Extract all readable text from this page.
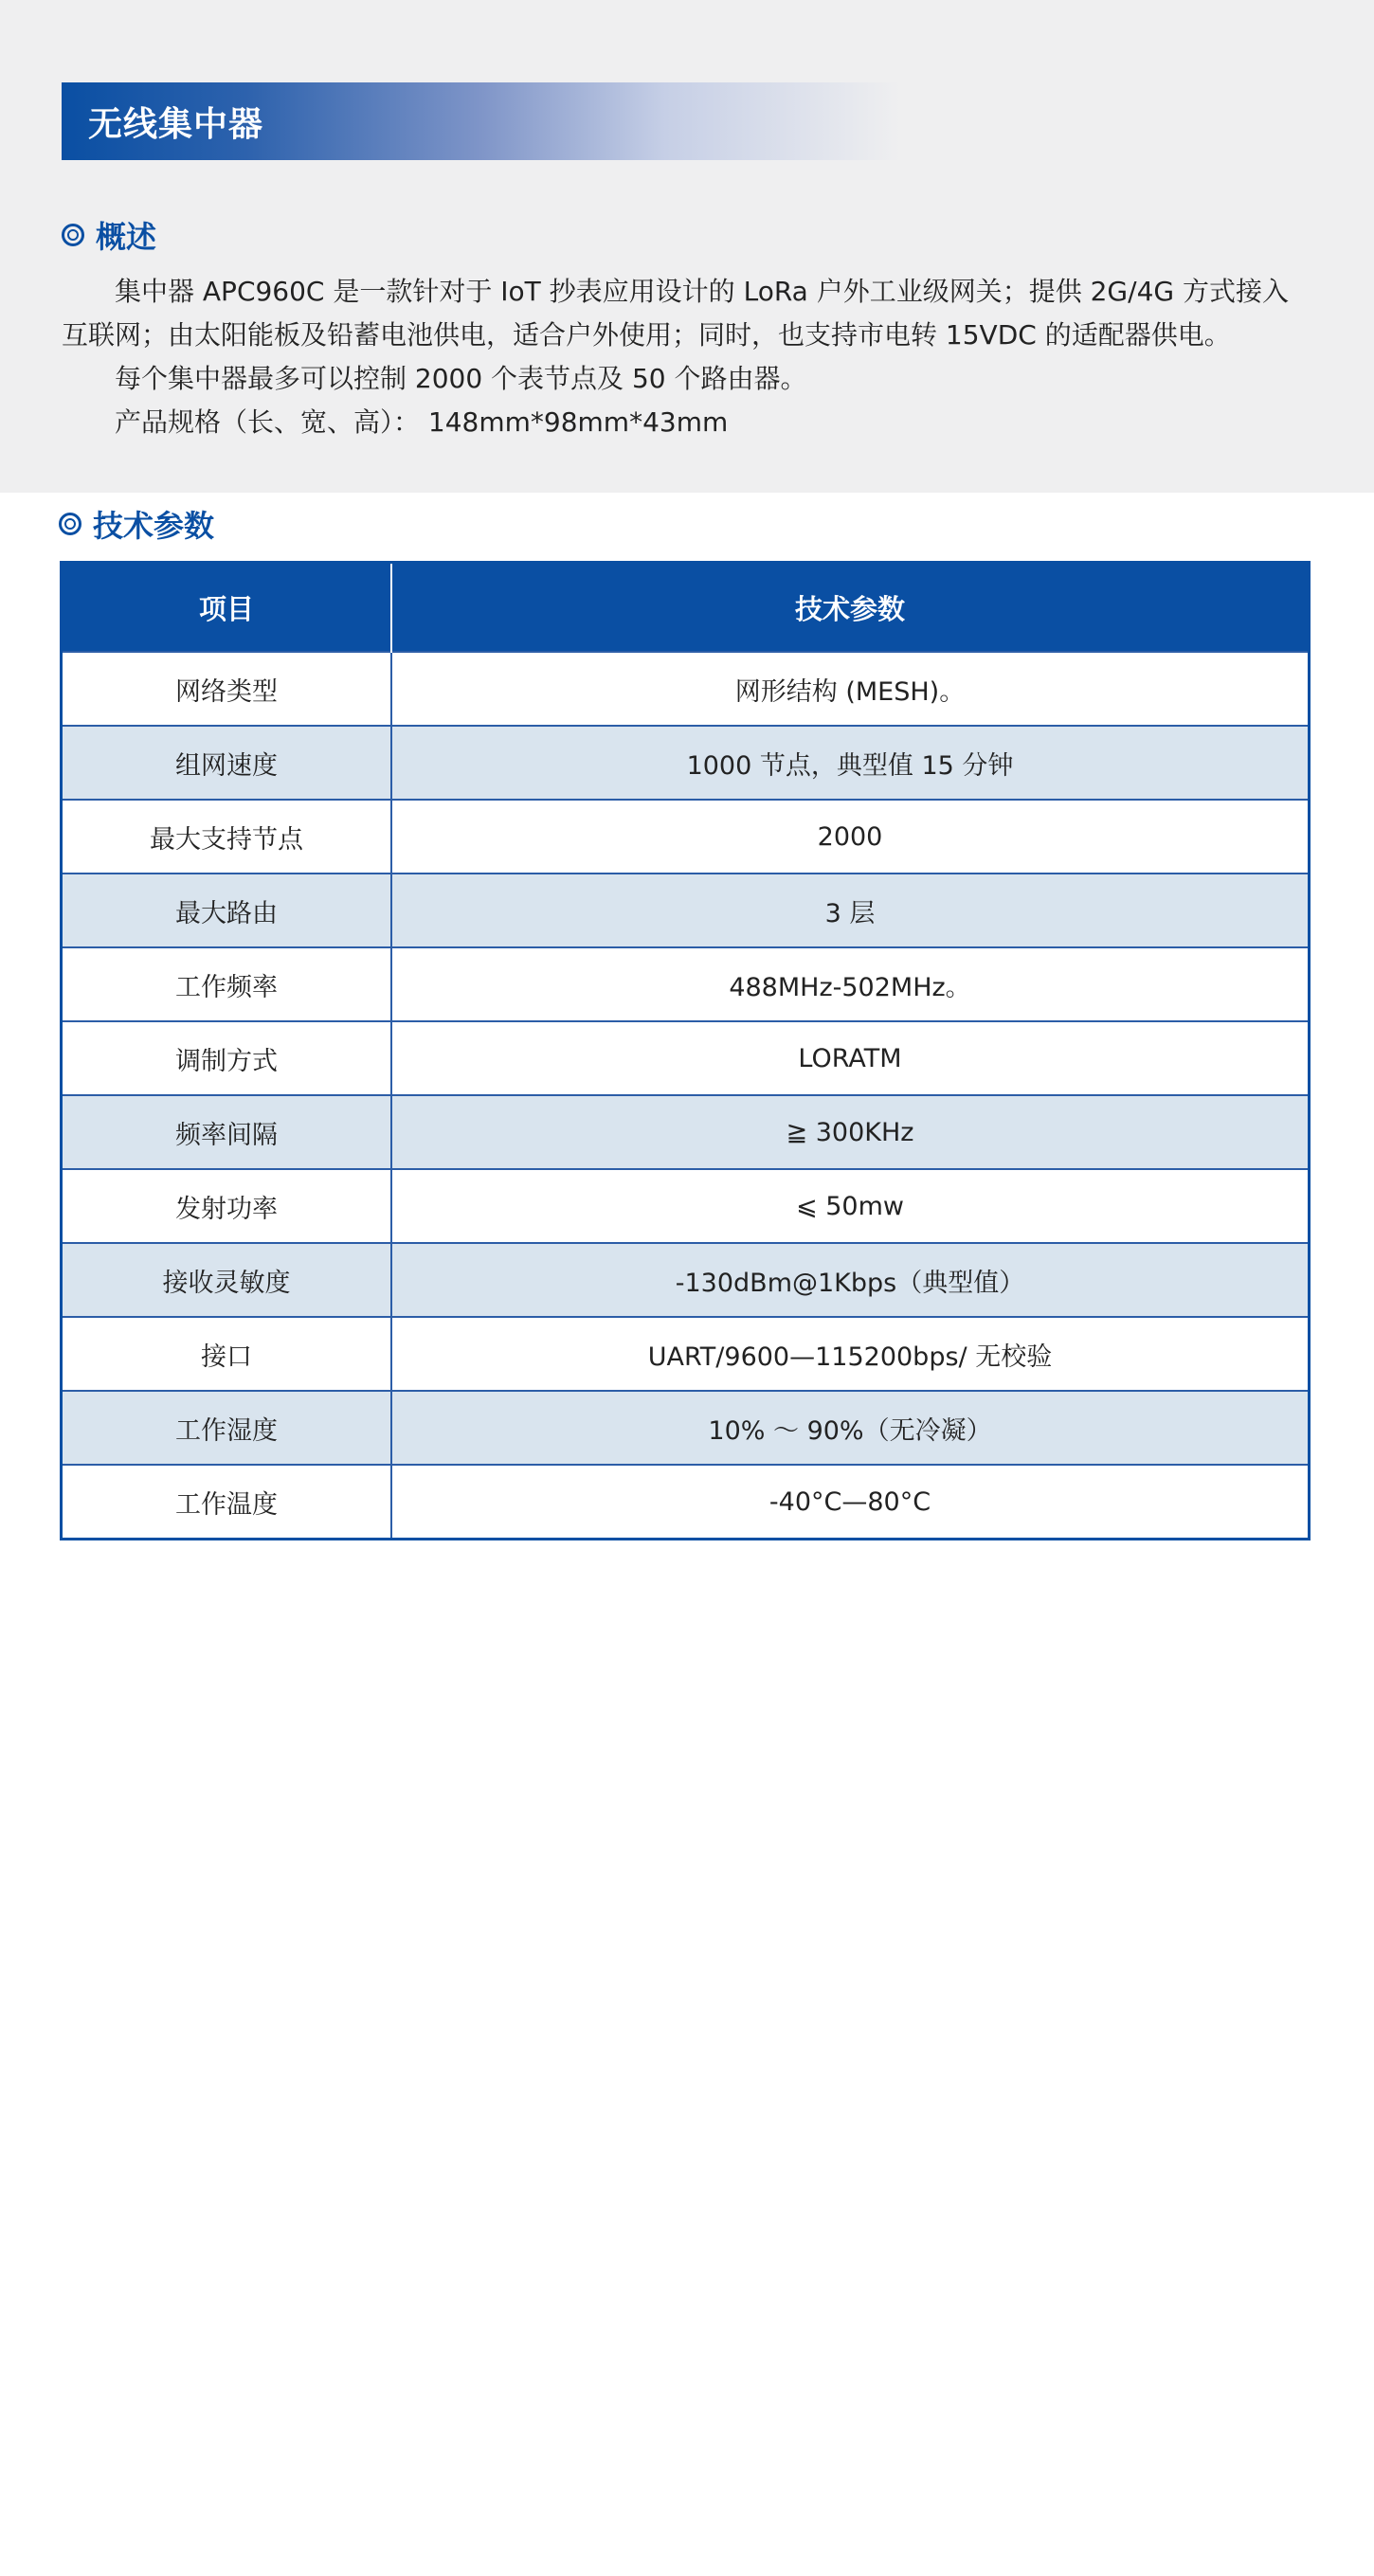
无线集中器
概述

集中器 APC960C 是一款针对于 IoT 抄表应用设计的 LoRa 户外工业级网关；提供 2G/4G 方式接入互联网；由太阳能板及铅蓄电池供电，适合户外使用；同时，也支持市电转 15VDC 的适配器供电。

每个集中器最多可以控制 2000 个表节点及 50 个路由器。

产品规格（长、宽、高）： 148mm*98mm*43mm

技术参数
项目	技术参数
网络类型	网形结构 (MESH)。
组网速度	1000 节点，典型值 15 分钟
最大支持节点	2000
最大路由	3 层
工作频率	488MHz-502MHz。
调制方式	LORATM
频率间隔	≧ 300KHz
发射功率	⩽ 50mw
接收灵敏度	-130dBm@1Kbps（典型值）
接口	UART/9600—115200bps/ 无校验
工作湿度	10% ～ 90%（无冷凝）
工作温度	-40°C—80°C
